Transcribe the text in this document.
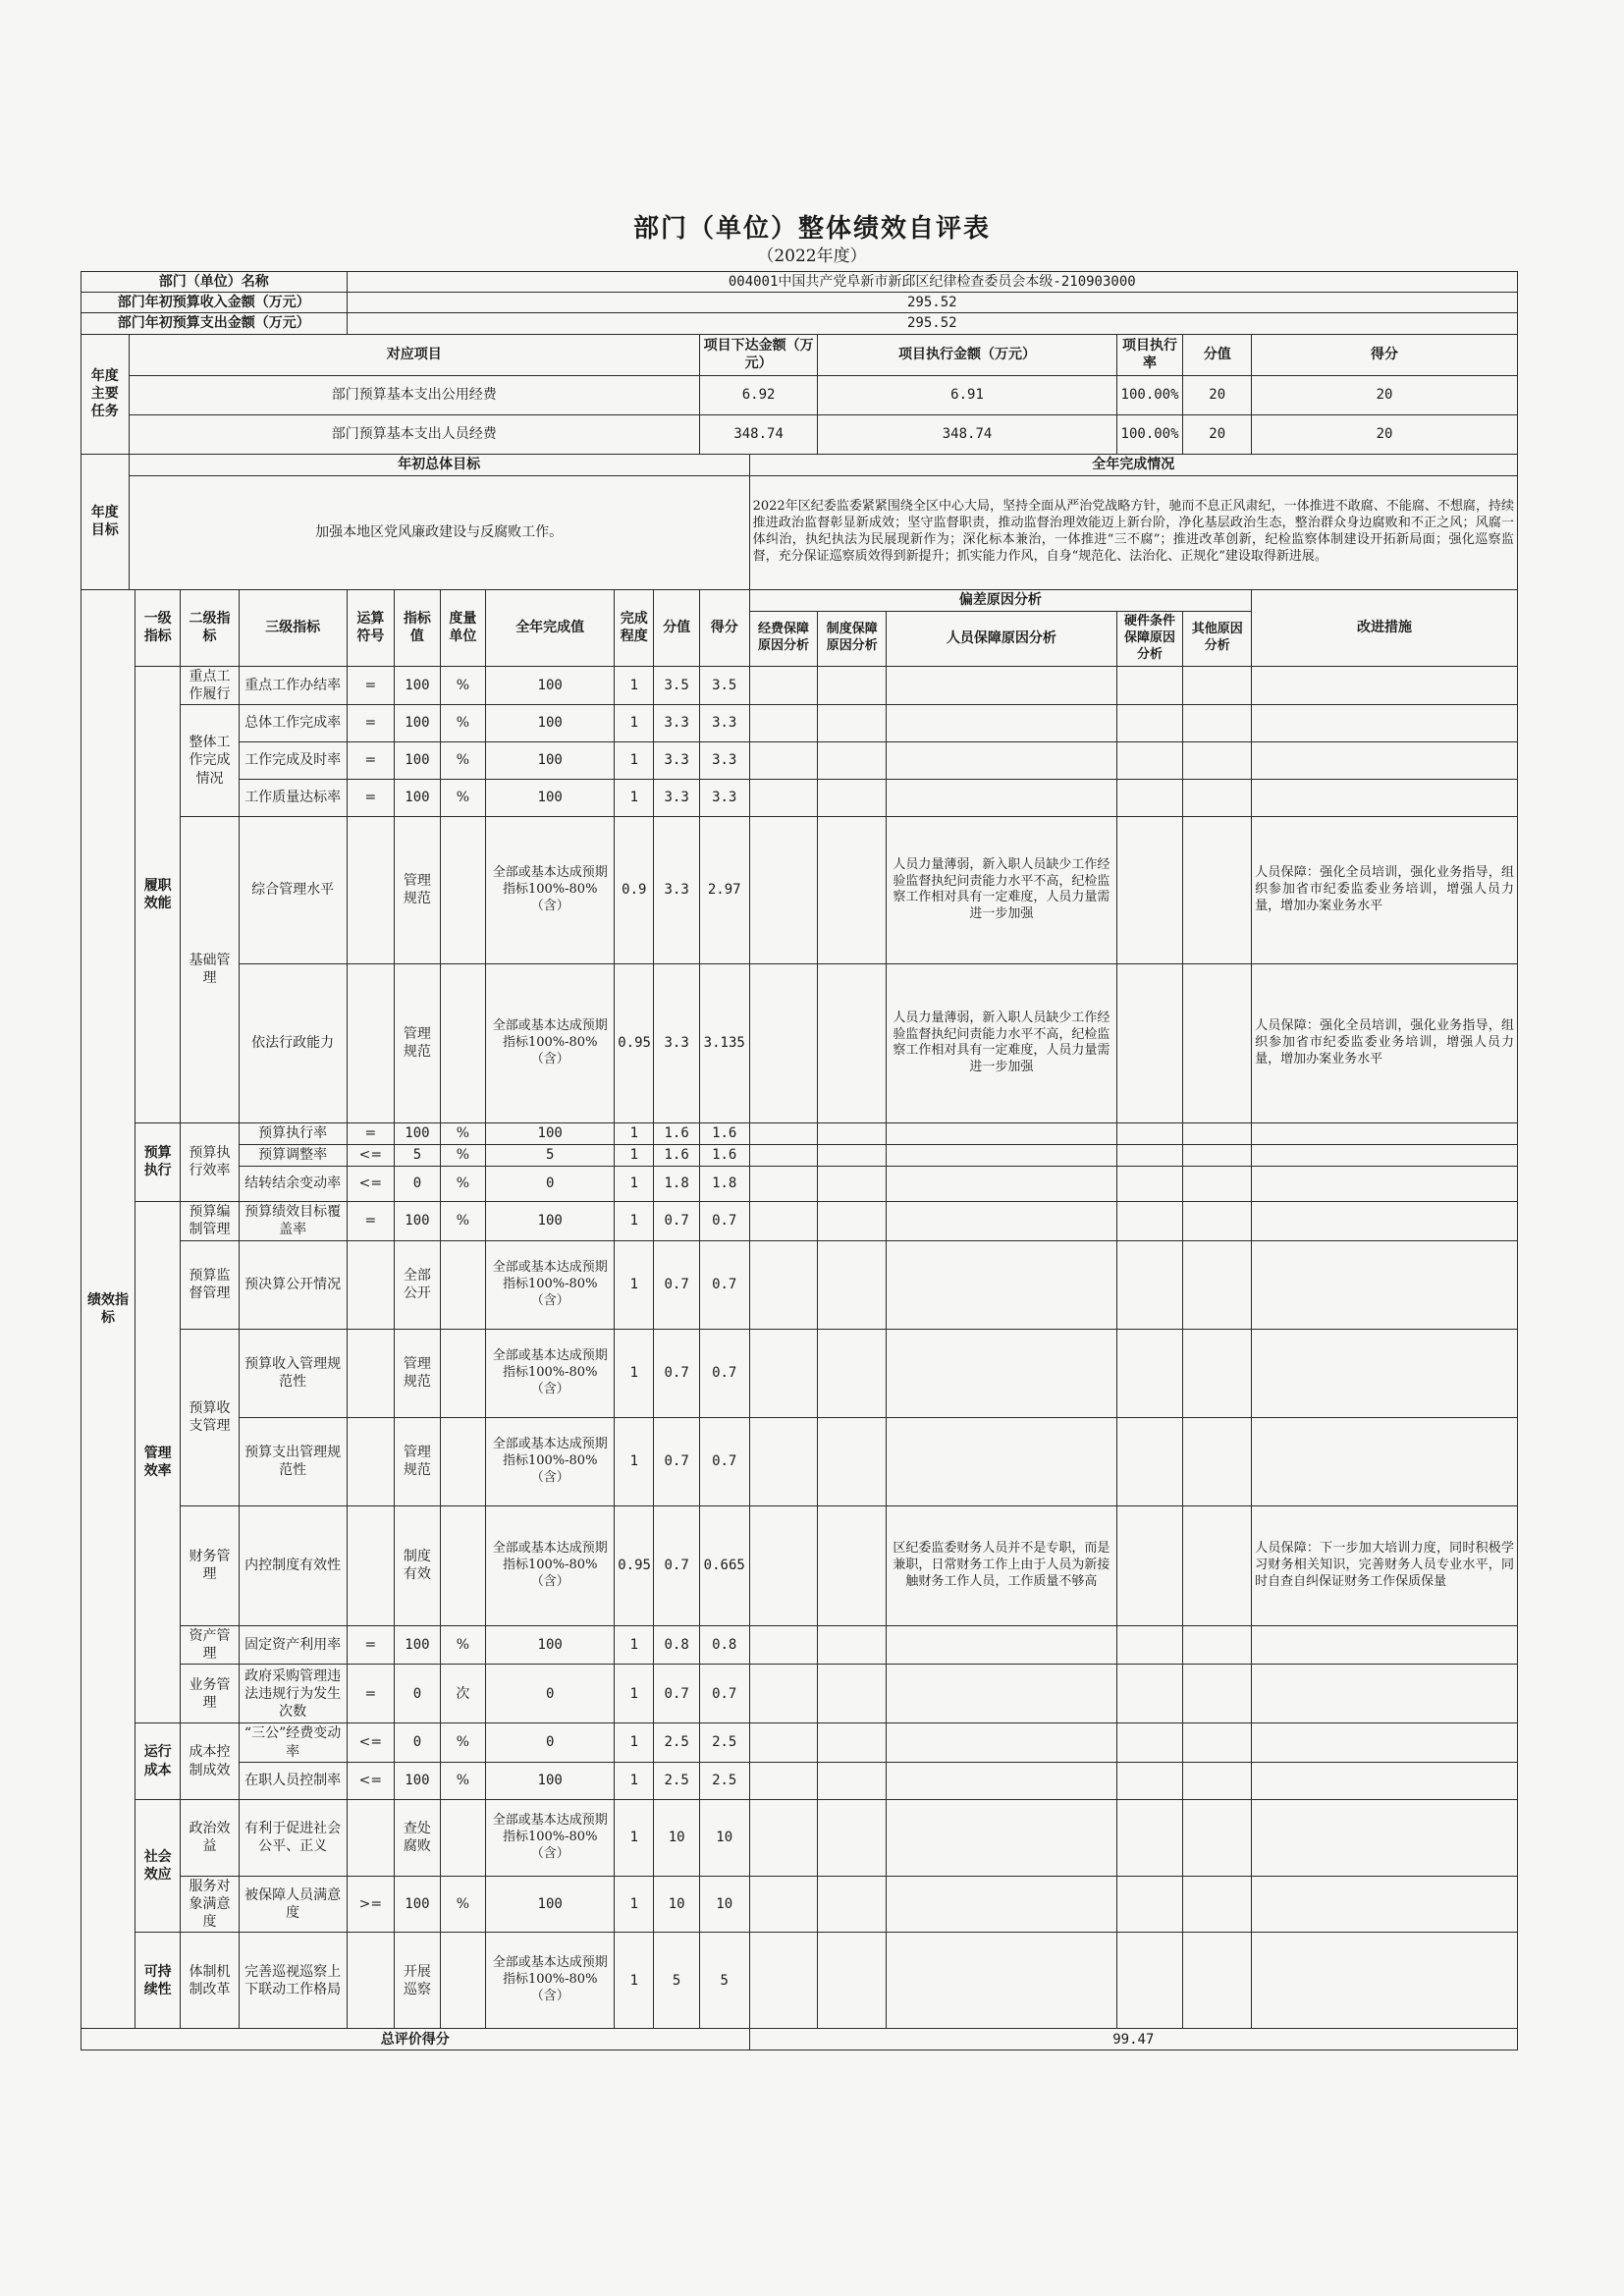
部门（单位）整体绩效自评表
（2022年度）
部门（单位）名称					004001中国共产党阜新市新邱区纪律检查委员会本级-210903000												
部门年初预算收入金额（万元）					295.52												
部门年初预算支出金额（万元）					295.52												
年度主要任务	对应项目										项目下达金额（万元）		项目执行金额（万元）		项目执行率	分值	得分
	部门预算基本支出公用经费										6.92		6.91		100.00%	20	20
	部门预算基本支出人员经费										348.74		348.74		100.00%	20	20
年度目标	年初总体目标											全年完成情况					
	加强本地区党风廉政建设与反腐败工作。											2022年区纪委监委紧紧围绕全区中心大局，坚持全面从严治党战略方针，驰而不息正风肃纪，一体推进不敢腐、不能腐、不想腐，持续推进政治监督彰显新成效；坚守监督职责，推动监督治理效能迈上新台阶，净化基层政治生态，整治群众身边腐败和不正之风；风腐一体纠治，执纪执法为民展现新作为；深化标本兼治，一体推进“三不腐”；推进改革创新，纪检监察体制建设开拓新局面；强化巡察监督，充分保证巡察质效得到新提升；抓实能力作风，自身“规范化、法治化、正规化”建设取得新进展。					
绩效指标		一级指标	二级指标	三级指标	运算符号	指标值	度量单位	全年完成值	完成程度	分值	得分	偏差原因分析					改进措施
												经费保障原因分析	制度保障原因分析	人员保障原因分析	硬件条件保障原因分析	其他原因分析	
		履职效能	重点工作履行	重点工作办结率	=	100	%	100	1	3.5	3.5						
			整体工作完成情况	总体工作完成率	=	100	%	100	1	3.3	3.3						
				工作完成及时率	=	100	%	100	1	3.3	3.3						
				工作质量达标率	=	100	%	100	1	3.3	3.3						
			基础管理	综合管理水平		管理规范		全部或基本达成预期指标100%-80%（含）	0.9	3.3	2.97			人员力量薄弱，新入职人员缺少工作经验监督执纪问责能力水平不高，纪检监察工作相对具有一定难度，人员力量需进一步加强			人员保障：强化全员培训，强化业务指导，组织参加省市纪委监委业务培训，增强人员力量，增加办案业务水平
				依法行政能力		管理规范		全部或基本达成预期指标100%-80%（含）	0.95	3.3	3.135			人员力量薄弱，新入职人员缺少工作经验监督执纪问责能力水平不高，纪检监察工作相对具有一定难度，人员力量需进一步加强			人员保障：强化全员培训，强化业务指导，组织参加省市纪委监委业务培训，增强人员力量，增加办案业务水平
		预算执行	预算执行效率	预算执行率	=	100	%	100	1	1.6	1.6						
				预算调整率	<=	5	%	5	1	1.6	1.6						
				结转结余变动率	<=	0	%	0	1	1.8	1.8						
		管理效率	预算编制管理	预算绩效目标覆盖率	=	100	%	100	1	0.7	0.7						
			预算监督管理	预决算公开情况		全部公开		全部或基本达成预期指标100%-80%（含）	1	0.7	0.7						
			预算收支管理	预算收入管理规范性		管理规范		全部或基本达成预期指标100%-80%（含）	1	0.7	0.7						
				预算支出管理规范性		管理规范		全部或基本达成预期指标100%-80%（含）	1	0.7	0.7						
			财务管理	内控制度有效性		制度有效		全部或基本达成预期指标100%-80%（含）	0.95	0.7	0.665			区纪委监委财务人员并不是专职，而是兼职，日常财务工作上由于人员为新接触财务工作人员，工作质量不够高			人员保障：下一步加大培训力度，同时积极学习财务相关知识，完善财务人员专业水平，同时自查自纠保证财务工作保质保量
			资产管理	固定资产利用率	=	100	%	100	1	0.8	0.8						
			业务管理	政府采购管理违法违规行为发生次数	=	0	次	0	1	0.7	0.7						
		运行成本	成本控制成效	“三公”经费变动率	<=	0	%	0	1	2.5	2.5						
				在职人员控制率	<=	100	%	100	1	2.5	2.5						
		社会效应	政治效益	有利于促进社会公平、正义		查处腐败		全部或基本达成预期指标100%-80%（含）	1	10	10						
			服务对象满意度	被保障人员满意度	>=	100	%	100	1	10	10						
		可持续性	体制机制改革	完善巡视巡察上下联动工作格局		开展巡察		全部或基本达成预期指标100%-80%（含）	1	5	5						
总评价得分												99.47					
